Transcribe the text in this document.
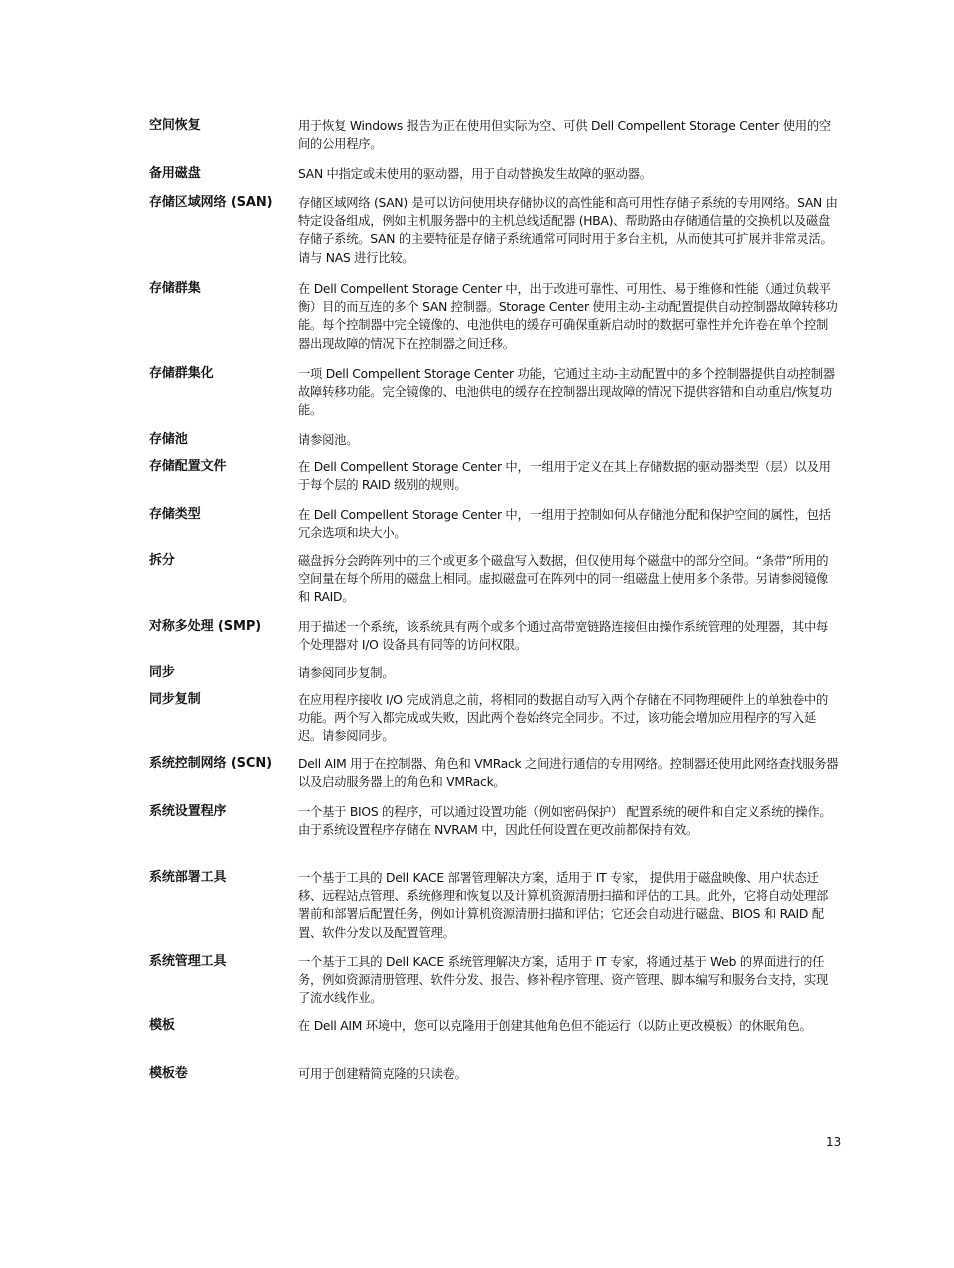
空间恢复	用于恢复 Windows 报告为正在使用但实际为空、可供 Dell Compellent Storage Center 使用的空间的公用程序。
备用磁盘	SAN 中指定或未使用的驱动器，用于自动替换发生故障的驱动器。
存储区域网络 (SAN)	存储区域网络 (SAN) 是可以访问使用块存储协议的高性能和高可用性存储子系统的专用网络。SAN 由特定设备组成，例如主机服务器中的主机总线适配器 (HBA)、帮助路由存储通信量的交换机以及磁盘存储子系统。SAN 的主要特征是存储子系统通常可同时用于多台主机，从而使其可扩展并非常灵活。请与 NAS 进行比较。
存储群集	在 Dell Compellent Storage Center 中，出于改进可靠性、可用性、易于维修和性能（通过负载平衡）目的而互连的多个 SAN 控制器。Storage Center 使用主动-主动配置提供自动控制器故障转移功能。每个控制器中完全镜像的、电池供电的缓存可确保重新启动时的数据可靠性并允许卷在单个控制器出现故障的情况下在控制器之间迁移。
存储群集化	一项 Dell Compellent Storage Center 功能，它通过主动-主动配置中的多个控制器提供自动控制器故障转移功能。完全镜像的、电池供电的缓存在控制器出现故障的情况下提供容错和自动重启/恢复功能。
存储池	请参阅池。
存储配置文件	在 Dell Compellent Storage Center 中，一组用于定义在其上存储数据的驱动器类型（层）以及用于每个层的 RAID 级别的规则。
存储类型	在 Dell Compellent Storage Center 中，一组用于控制如何从存储池分配和保护空间的属性，包括冗余选项和块大小。
拆分	磁盘拆分会跨阵列中的三个或更多个磁盘写入数据，但仅使用每个磁盘中的部分空间。“条带”所用的空间量在每个所用的磁盘上相同。虚拟磁盘可在阵列中的同一组磁盘上使用多个条带。另请参阅镜像和 RAID。
对称多处理 (SMP)	用于描述一个系统，该系统具有两个或多个通过高带宽链路连接但由操作系统管理的处理器，其中每个处理器对 I/O 设备具有同等的访问权限。
同步	请参阅同步复制。
同步复制	在应用程序接收 I/O 完成消息之前，将相同的数据自动写入两个存储在不同物理硬件上的单独卷中的功能。两个写入都完成或失败，因此两个卷始终完全同步。不过，该功能会增加应用程序的写入延迟。请参阅同步。
系统控制网络 (SCN)	Dell AIM 用于在控制器、角色和 VMRack 之间进行通信的专用网络。控制器还使用此网络查找服务器以及启动服务器上的角色和 VMRack。
系统设置程序	一个基于 BIOS 的程序，可以通过设置功能（例如密码保护） 配置系统的硬件和自定义系统的操作。由于系统设置程序存储在 NVRAM 中，因此任何设置在更改前都保持有效。
系统部署工具	一个基于工具的 Dell KACE 部署管理解决方案，适用于 IT 专家， 提供用于磁盘映像、用户状态迁移、远程站点管理、系统修理和恢复以及计算机资源清册扫描和评估的工具。此外，它将自动处理部署前和部署后配置任务，例如计算机资源清册扫描和评估；它还会自动进行磁盘、BIOS 和 RAID 配置、软件分发以及配置管理。
系统管理工具	一个基于工具的 Dell KACE 系统管理解决方案，适用于 IT 专家，将通过基于 Web 的界面进行的任务，例如资源清册管理、软件分发、报告、修补程序管理、资产管理、脚本编写和服务台支持，实现了流水线作业。
模板	在 Dell AIM 环境中，您可以克隆用于创建其他角色但不能运行（以防止更改模板）的休眠角色。
模板卷	可用于创建精简克隆的只读卷。
13
